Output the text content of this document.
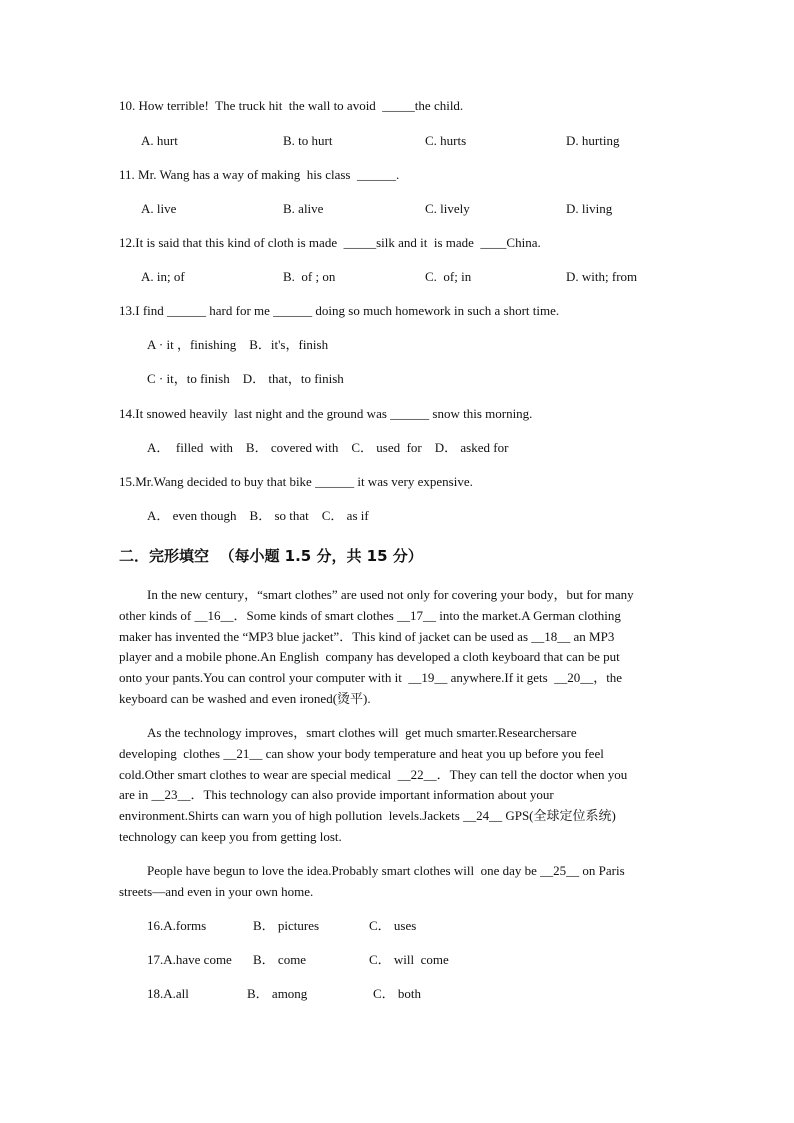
10. How terrible!  The truck hit  the wall to avoid  _____the child.
A. hurt	B. to hurt	C. hurts	D. hurting
11. Mr. Wang has a way of making  his class  ______.
A. live	B. alive	C. lively	D. living
12.It is said that this kind of cloth is made  _____silk and it  is made  ____China.
A. in; of	B.  of ; on	C.  of; in	D. with; from
13.I find ______ hard for me ______ doing so much homework in such a short time.
A · it ，finishing    B．it's，finish
C · it，to finish    D． that，to finish
14.It snowed heavily  last night and the ground was ______ snow this morning.
A．  filled  with    B． covered with    C． used  for    D． asked for
15.Mr.Wang decided to buy that bike ______ it was very expensive.
A． even though    B． so that    C． as if
二．完形填空  （每小题 1.5 分，共 15 分）
In the new century，“smart clothes” are used not only for covering your body，but for many
other kinds of __16__．Some kinds of smart clothes __17__ into the market.A German clothing
maker has invented the “MP3 blue jacket”．This kind of jacket can be used as __18__ an MP3
player and a mobile phone.An English  company has developed a cloth keyboard that can be put
onto your pants.You can control your computer with it  __19__ anywhere.If it gets  __20__，the
keyboard can be washed and even ironed(烫平).
As the technology improves，smart clothes will  get much smarter.Researchersare
developing  clothes __21__ can show your body temperature and heat you up before you feel
cold.Other smart clothes to wear are special medical  __22__．They can tell the doctor when you
are in __23__．This technology can also provide important information about your
environment.Shirts can warn you of high pollution  levels.Jackets __24__ GPS(全球定位系统)
technology can keep you from getting lost.
People have begun to love the idea.Probably smart clothes will  one day be __25__ on Paris
streets—and even in your own home.
16.A.forms	B． pictures	C． uses
17.A.have come B． come	C． will  come
18.A.all	B． among	C． both
